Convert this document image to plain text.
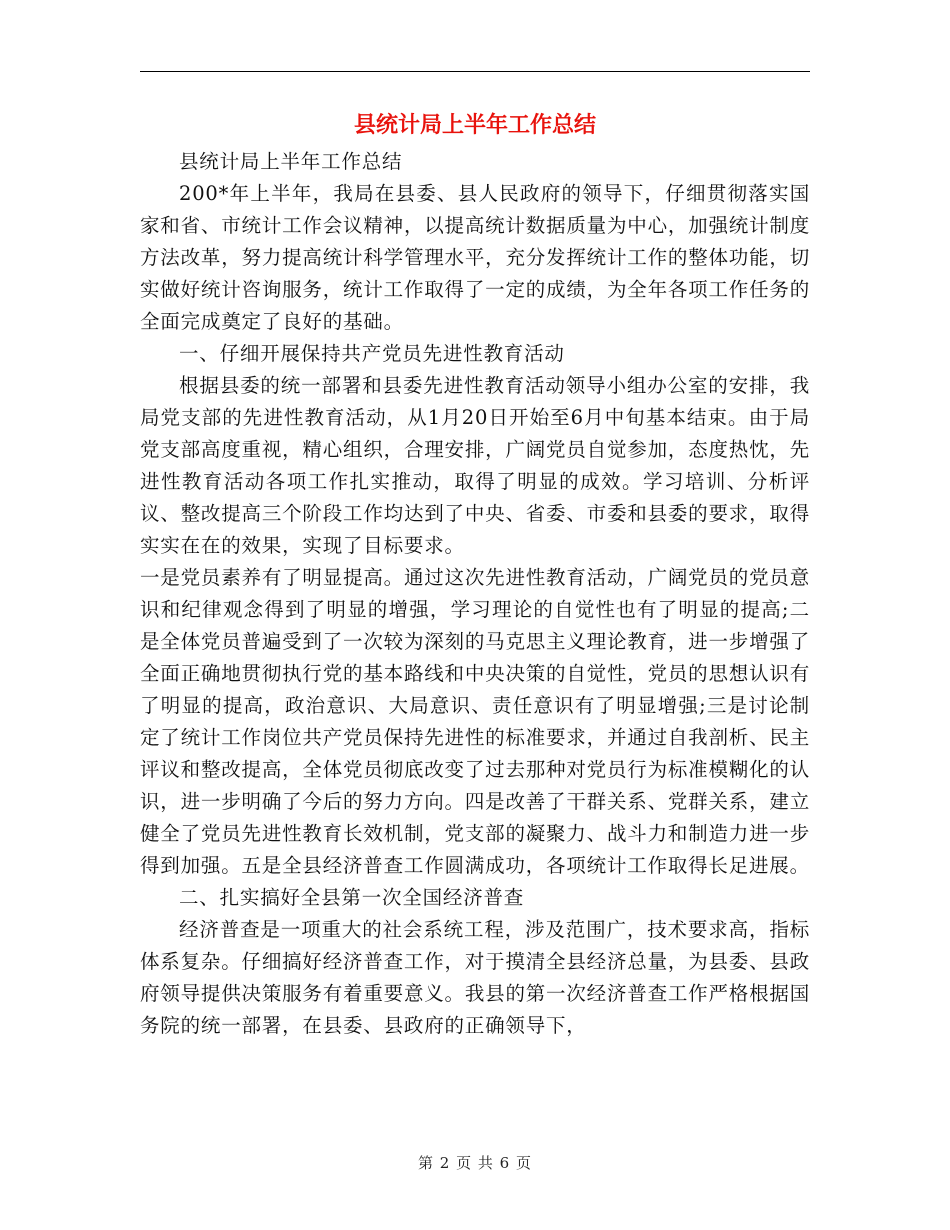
县统计局上半年工作总结

县统计局上半年工作总结

200*年上半年，我局在县委、县人民政府的领导下，仔细贯彻落实国家和省、市统计工作会议精神，以提高统计数据质量为中心，加强统计制度方法改革，努力提高统计科学管理水平，充分发挥统计工作的整体功能，切实做好统计咨询服务，统计工作取得了一定的成绩，为全年各项工作任务的全面完成奠定了良好的基础。

一、仔细开展保持共产党员先进性教育活动

根据县委的统一部署和县委先进性教育活动领导小组办公室的安排，我局党支部的先进性教育活动，从1月20日开始至6月中旬基本结束。由于局党支部高度重视，精心组织，合理安排，广阔党员自觉参加，态度热忱，先进性教育活动各项工作扎实推动，取得了明显的成效。学习培训、分析评议、整改提高三个阶段工作均达到了中央、省委、市委和县委的要求，取得实实在在的效果，实现了目标要求。

一是党员素养有了明显提高。通过这次先进性教育活动，广阔党员的党员意识和纪律观念得到了明显的增强，学习理论的自觉性也有了明显的提高;二是全体党员普遍受到了一次较为深刻的马克思主义理论教育，进一步增强了全面正确地贯彻执行党的基本路线和中央决策的自觉性，党员的思想认识有了明显的提高，政治意识、大局意识、责任意识有了明显增强;三是讨论制定了统计工作岗位共产党员保持先进性的标准要求，并通过自我剖析、民主评议和整改提高，全体党员彻底改变了过去那种对党员行为标准模糊化的认识，进一步明确了今后的努力方向。四是改善了干群关系、党群关系，建立健全了党员先进性教育长效机制，党支部的凝聚力、战斗力和制造力进一步得到加强。五是全县经济普查工作圆满成功，各项统计工作取得长足进展。

二、扎实搞好全县第一次全国经济普查

经济普查是一项重大的社会系统工程，涉及范围广，技术要求高，指标体系复杂。仔细搞好经济普查工作，对于摸清全县经济总量，为县委、县政府领导提供决策服务有着重要意义。我县的第一次经济普查工作严格根据国务院的统一部署，在县委、县政府的正确领导下，

第 2 页 共 6 页
